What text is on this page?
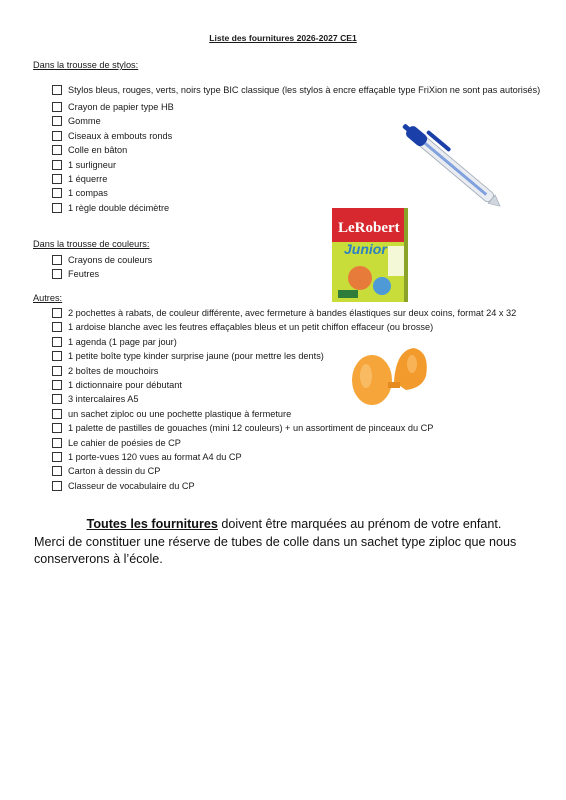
Liste des fournitures 2026-2027 CE1
Dans la trousse de stylos:
Stylos bleus, rouges, verts, noirs type BIC classique (les stylos à encre effaçable type FriXion ne sont pas autorisés)
Crayon de papier type HB
Gomme
Ciseaux à embouts ronds
Colle en bâton
1 surligneur
1 équerre
1 compas
1 règle double décimètre
Dans la trousse de couleurs:
Crayons de couleurs
Feutres
Autres:
2 pochettes à rabats, de couleur différente, avec fermeture à bandes élastiques sur deux coins, format 24 x 32
1 ardoise blanche avec les feutres effaçables bleus et un petit chiffon effaceur (ou brosse)
1 agenda (1 page par jour)
1 petite boîte type kinder surprise jaune (pour mettre les dents)
2 boîtes de mouchoirs
1 dictionnaire pour débutant
3 intercalaires A5
un sachet ziploc ou une pochette plastique à fermeture
1 palette de pastilles de gouaches (mini 12 couleurs) + un assortiment de pinceaux du CP
Le cahier de poésies de CP
1 porte-vues 120 vues au format A4 du CP
Carton à dessin du CP
Classeur de vocabulaire du CP
LeRobert
Junior
Toutes les fournitures doivent être marquées au prénom de votre enfant.
Merci de constituer une réserve de tubes de colle dans un sachet type ziploc que nous conserverons à l’école.
